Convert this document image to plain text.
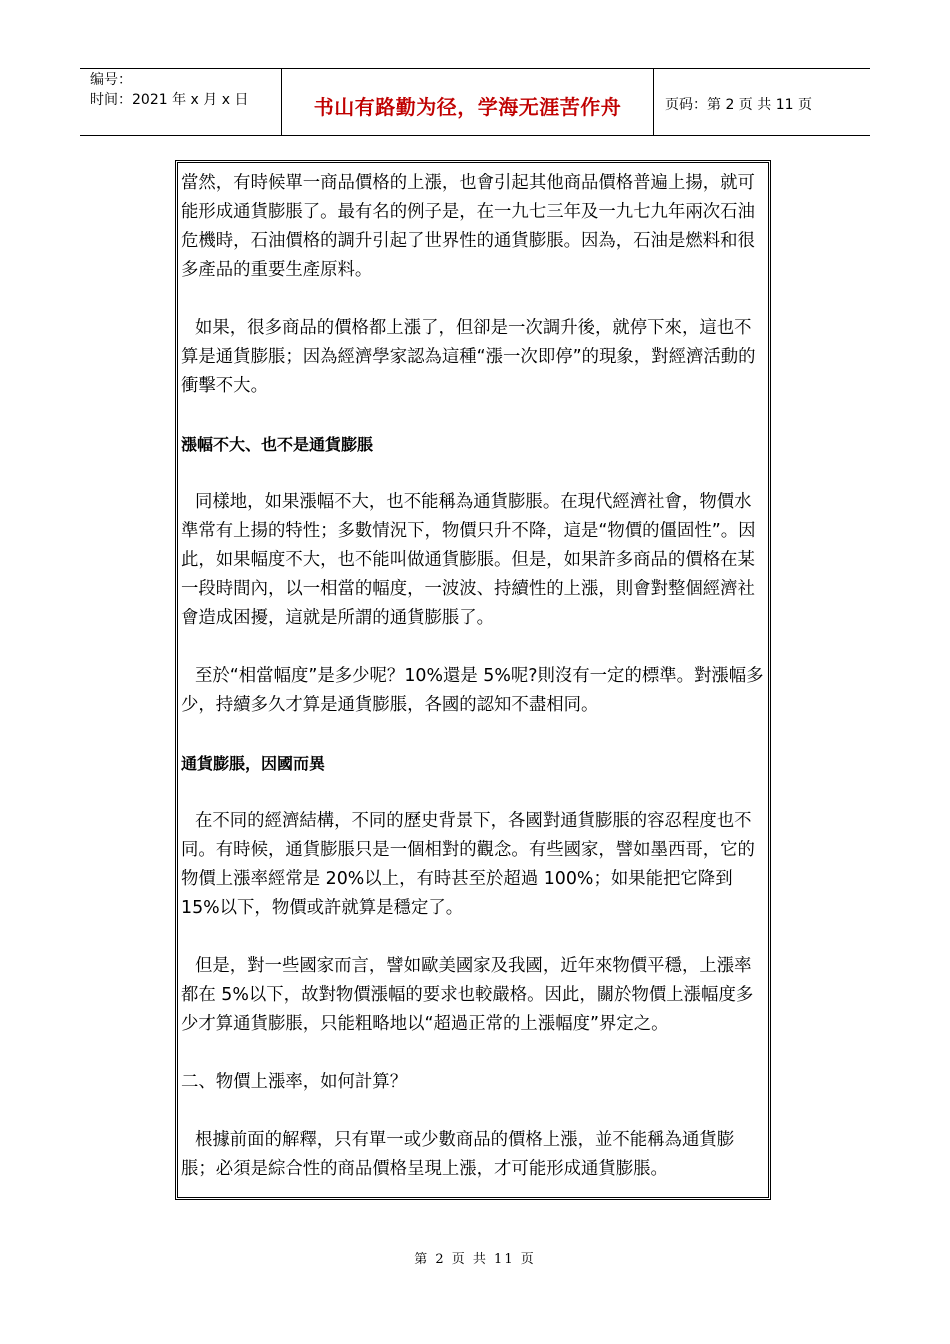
编号：
时间：2021 年 x 月 x 日	书山有路勤为径，学海无涯苦作舟	页码：第 2 页 共 11 页

當然，有時候單一商品價格的上漲，也會引起其他商品價格普遍上揚，就可能形成通貨膨脹了。最有名的例子是，在一九七三年及一九七九年兩次石油危機時，石油價格的調升引起了世界性的通貨膨脹。因為，石油是燃料和很多產品的重要生產原料。

如果，很多商品的價格都上漲了，但卻是一次調升後，就停下來，這也不算是通貨膨脹；因為經濟學家認為這種“漲一次即停”的現象，對經濟活動的衝擊不大。

漲幅不大、也不是通貨膨脹

同樣地，如果漲幅不大，也不能稱為通貨膨脹。在現代經濟社會，物價水準常有上揚的特性；多數情況下，物價只升不降，這是“物價的僵固性”。因此，如果幅度不大，也不能叫做通貨膨脹。但是，如果許多商品的價格在某一段時間內，以一相當的幅度，一波波、持續性的上漲，則會對整個經濟社會造成困擾，這就是所謂的通貨膨脹了。

至於“相當幅度”是多少呢？10%還是 5%呢?則沒有一定的標準。對漲幅多少，持續多久才算是通貨膨脹，各國的認知不盡相同。

通貨膨脹，因國而異

在不同的經濟結構，不同的歷史背景下，各國對通貨膨脹的容忍程度也不同。有時候，通貨膨脹只是一個相對的觀念。有些國家，譬如墨西哥，它的物價上漲率經常是 20%以上，有時甚至於超過 100%；如果能把它降到 15%以下，物價或許就算是穩定了。

但是，對一些國家而言，譬如歐美國家及我國，近年來物價平穩，上漲率都在 5%以下，故對物價漲幅的要求也較嚴格。因此，關於物價上漲幅度多少才算通貨膨脹，只能粗略地以“超過正常的上漲幅度”界定之。

二、物價上漲率，如何計算？

根據前面的解釋，只有單一或少數商品的價格上漲，並不能稱為通貨膨脹；必須是綜合性的商品價格呈現上漲，才可能形成通貨膨脹。

第 2 页 共 11 页
